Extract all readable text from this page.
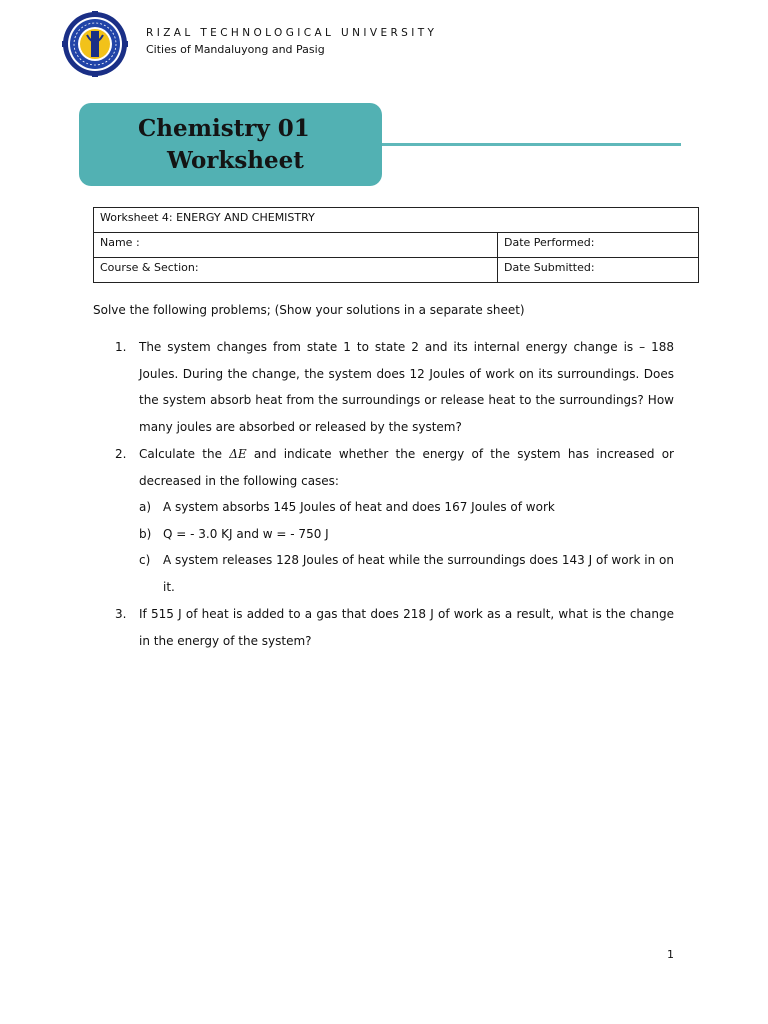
RIZAL TECHNOLOGICAL UNIVERSITY
Cities of Mandaluyong and Pasig
Chemistry 01
Worksheet
Worksheet 4: ENERGY AND CHEMISTRY	
Name :	Date Performed:
Course & Section:	Date Submitted:
Solve the following problems; (Show your solutions in a separate sheet)
1. The system changes from state 1 to state 2 and its internal energy change is – 188 Joules. During the change, the system does 12 Joules of work on its surroundings. Does the system absorb heat from the surroundings or release heat to the surroundings? How many joules are absorbed or released by the system?
2. Calculate the ΔE and indicate whether the energy of the system has increased or decreased in the following cases:
a) A system absorbs 145 Joules of heat and does 167 Joules of work
b) Q = - 3.0 KJ and w = - 750 J
c) A system releases 128 Joules of heat while the surroundings does 143 J of work in on it.
3. If 515 J of heat is added to a gas that does 218 J of work as a result, what is the change in the energy of the system?
1
